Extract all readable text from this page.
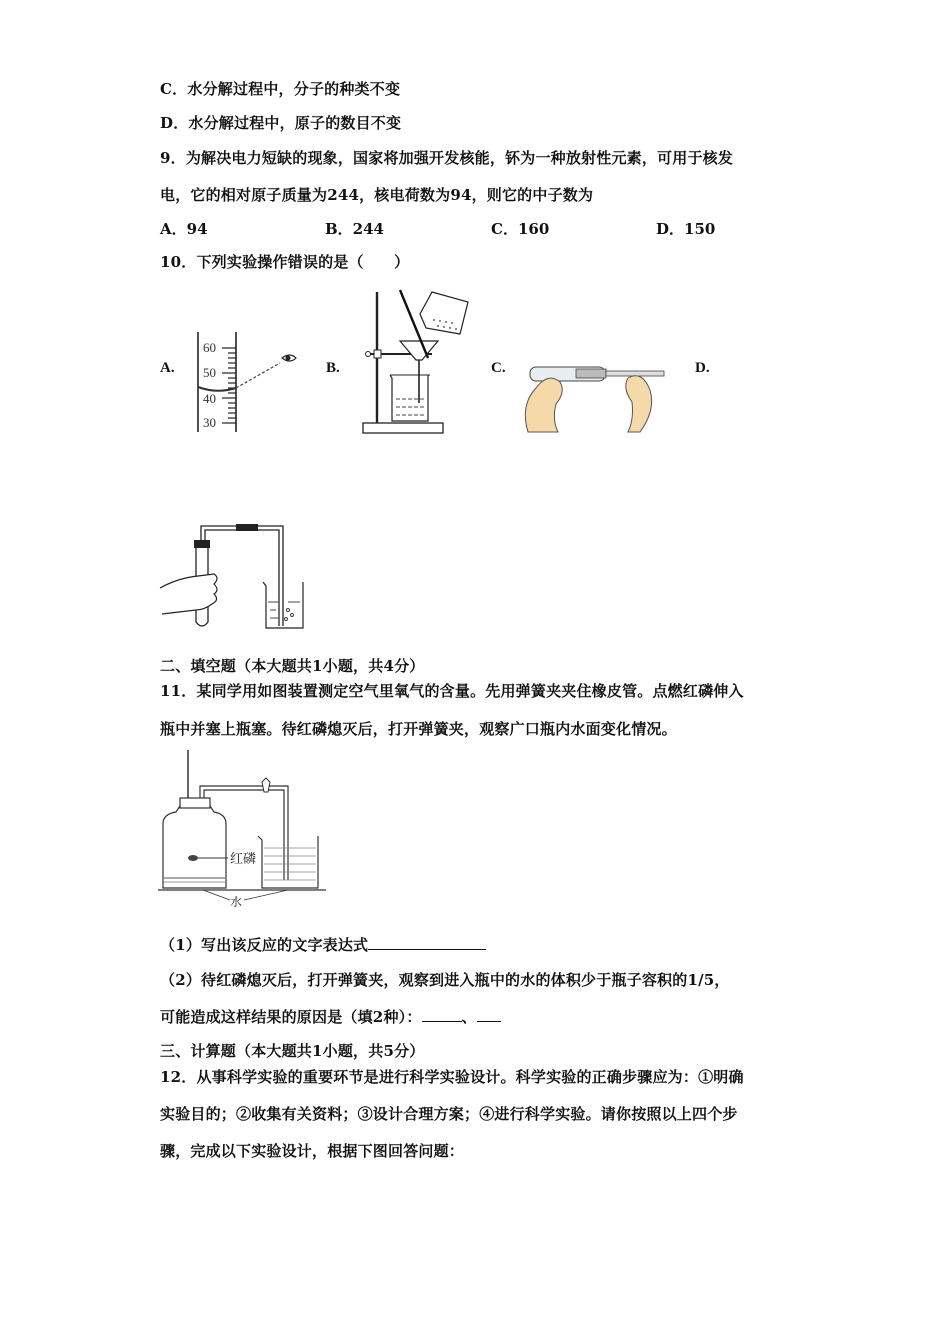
C．水分解过程中，分子的种类不变
D．水分解过程中，原子的数目不变
9．为解决电力短缺的现象，国家将加强开发核能，钚为一种放射性元素，可用于核发
电，它的相对原子质量为244，核电荷数为94，则它的中子数为
A．94	B．244	C．160	D．150
10．下列实验操作错误的是（　　）
A.
60
50
40
30
B.	C.	D.
二、填空题（本大题共1小题，共4分）
11．某同学用如图装置测定空气里氧气的含量。先用弹簧夹夹住橡皮管。点燃红磷伸入
瓶中并塞上瓶塞。待红磷熄灭后，打开弹簧夹，观察广口瓶内水面变化情况。
红磷
水
（1）写出该反应的文字表达式
（2）待红磷熄灭后，打开弹簧夹，观察到进入瓶中的水的体积少于瓶子容积的1/5，
可能造成这样结果的原因是（填2种）：	、
三、计算题（本大题共1小题，共5分）
12．从事科学实验的重要环节是进行科学实验设计。科学实验的正确步骤应为：①明确
实验目的；②收集有关资料；③设计合理方案；④进行科学实验。请你按照以上四个步
骤，完成以下实验设计，根据下图回答问题：
